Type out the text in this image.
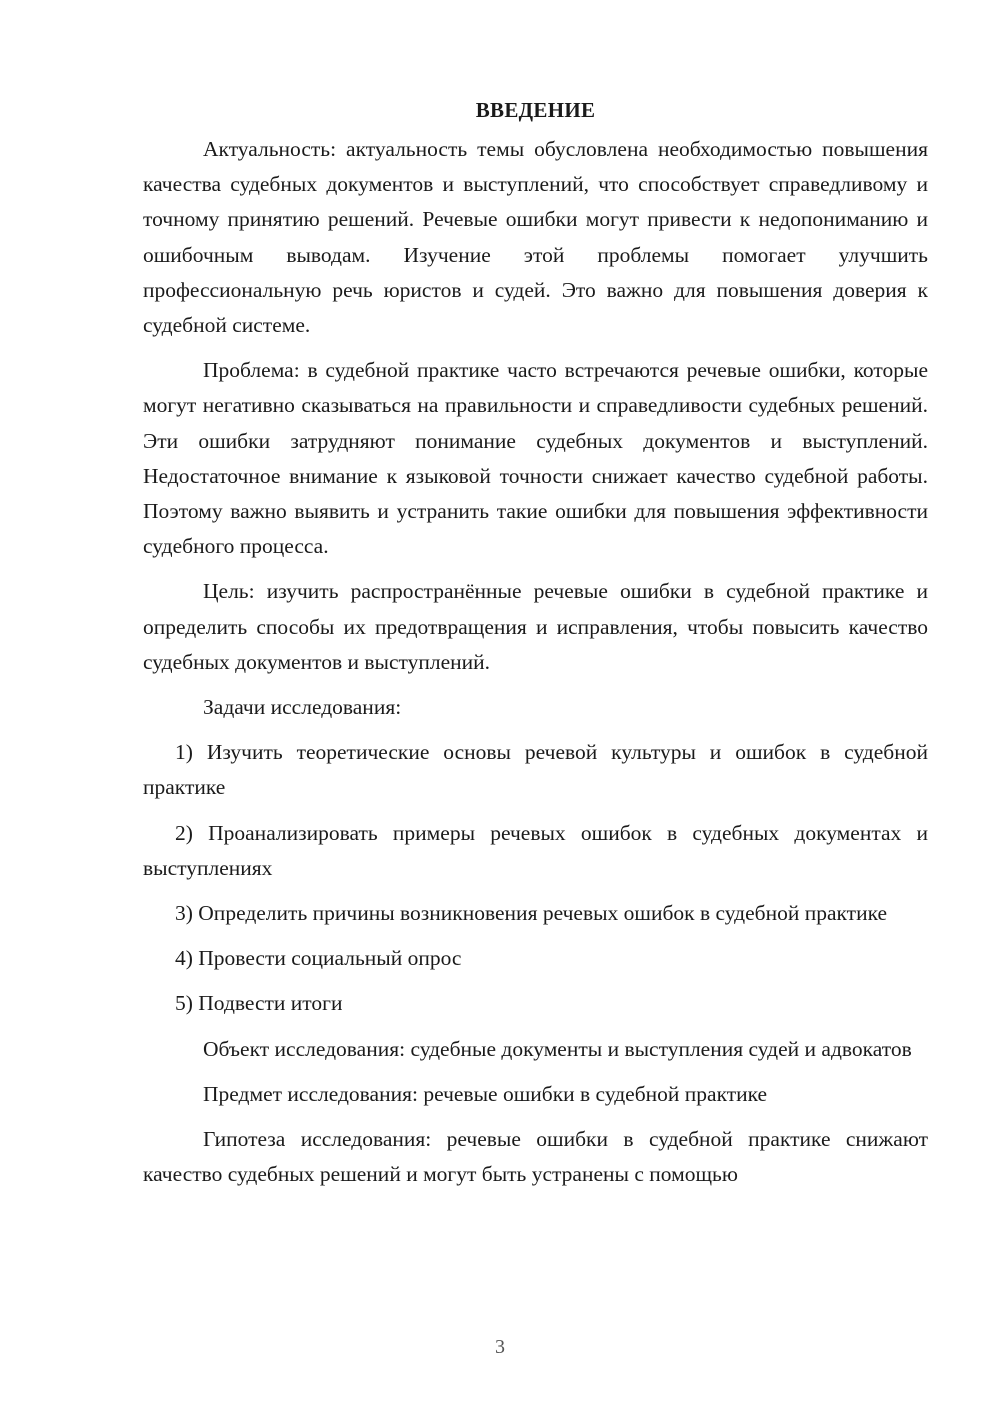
ВВЕДЕНИЕ

Актуальность: актуальность темы обусловлена необходимостью повышения качества судебных документов и выступлений, что способствует справедливому и точному принятию решений. Речевые ошибки могут привести к недопониманию и ошибочным выводам. Изучение этой проблемы помогает улучшить профессиональную речь юристов и судей. Это важно для повышения доверия к судебной системе.

Проблема: в судебной практике часто встречаются речевые ошибки, которые могут негативно сказываться на правильности и справедливости судебных решений. Эти ошибки затрудняют понимание судебных документов и выступлений. Недостаточное внимание к языковой точности снижает качество судебной работы. Поэтому важно выявить и устранить такие ошибки для повышения эффективности судебного процесса.

Цель: изучить распространённые речевые ошибки в судебной практике и определить способы их предотвращения и исправления, чтобы повысить качество судебных документов и выступлений.

Задачи исследования:

1) Изучить теоретические основы речевой культуры и ошибок в судебной практике

2) Проанализировать примеры речевых ошибок в судебных документах и выступлениях

3) Определить причины возникновения речевых ошибок в судебной практике

4) Провести социальный опрос

5) Подвести итоги

Объект исследования: судебные документы и выступления судей и адвокатов

Предмет исследования: речевые ошибки в судебной практике

Гипотеза исследования: речевые ошибки в судебной практике снижают качество судебных решений и могут быть устранены с помощью

3
